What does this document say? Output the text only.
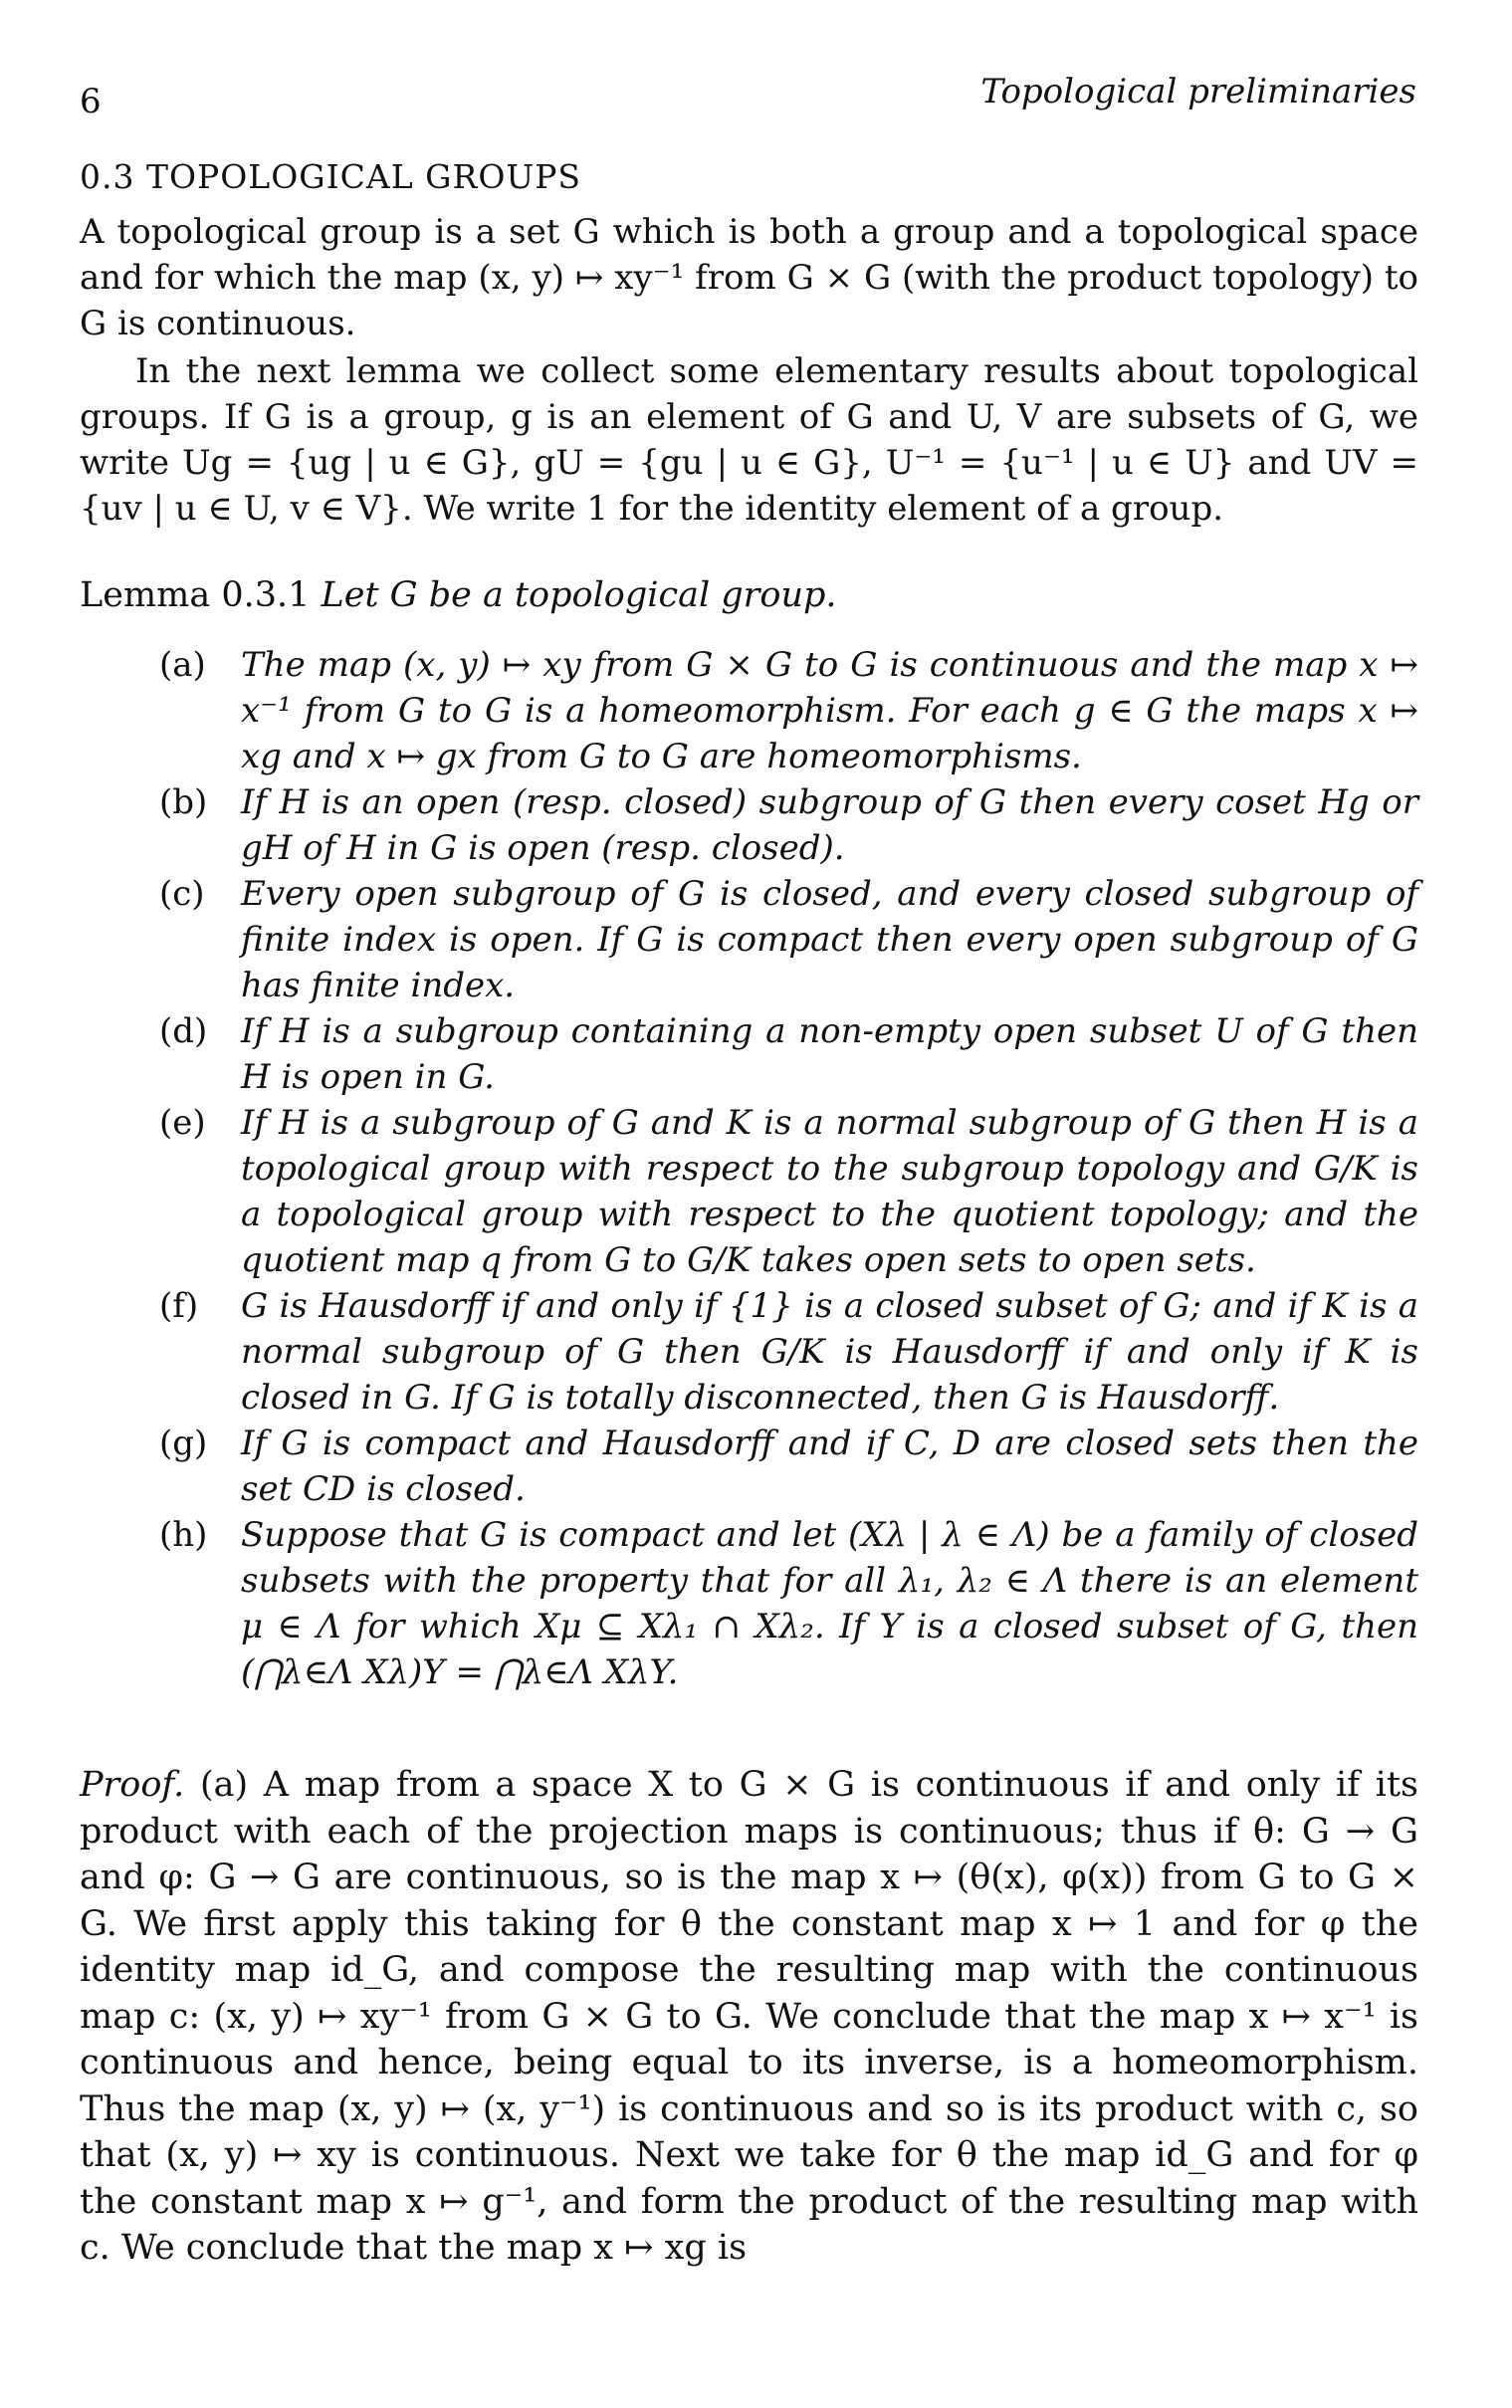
6	Topological preliminaries
0.3 TOPOLOGICAL GROUPS
A topological group is a set G which is both a group and a topological space and for which the map (x, y) ↦ xy⁻¹ from G × G (with the product topology) to G is continuous.
In the next lemma we collect some elementary results about topological groups. If G is a group, g is an element of G and U, V are subsets of G, we write Ug = {ug | u ∈ G}, gU = {gu | u ∈ G}, U⁻¹ = {u⁻¹ | u ∈ U} and UV = {uv | u ∈ U, v ∈ V}. We write 1 for the identity element of a group.
Lemma 0.3.1 Let G be a topological group.
(a) The map (x, y) ↦ xy from G × G to G is continuous and the map x ↦ x⁻¹ from G to G is a homeomorphism. For each g ∈ G the maps x ↦ xg and x ↦ gx from G to G are homeomorphisms.
(b) If H is an open (resp. closed) subgroup of G then every coset Hg or gH of H in G is open (resp. closed).
(c) Every open subgroup of G is closed, and every closed subgroup of finite index is open. If G is compact then every open subgroup of G has finite index.
(d) If H is a subgroup containing a non-empty open subset U of G then H is open in G.
(e) If H is a subgroup of G and K is a normal subgroup of G then H is a topological group with respect to the subgroup topology and G/K is a topological group with respect to the quotient topology; and the quotient map q from G to G/K takes open sets to open sets.
(f) G is Hausdorff if and only if {1} is a closed subset of G; and if K is a normal subgroup of G then G/K is Hausdorff if and only if K is closed in G. If G is totally disconnected, then G is Hausdorff.
(g) If G is compact and Hausdorff and if C, D are closed sets then the set CD is closed.
(h) Suppose that G is compact and let (Xλ | λ ∈ Λ) be a family of closed subsets with the property that for all λ₁, λ₂ ∈ Λ there is an element μ ∈ Λ for which Xμ ⊆ Xλ₁ ∩ Xλ₂. If Y is a closed subset of G, then (⋂λ∈Λ Xλ)Y = ⋂λ∈Λ XλY.
Proof. (a) A map from a space X to G × G is continuous if and only if its product with each of the projection maps is continuous; thus if θ: G → G and φ: G → G are continuous, so is the map x ↦ (θ(x), φ(x)) from G to G × G. We first apply this taking for θ the constant map x ↦ 1 and for φ the identity map id_G, and compose the resulting map with the continuous map c: (x, y) ↦ xy⁻¹ from G × G to G. We conclude that the map x ↦ x⁻¹ is continuous and hence, being equal to its inverse, is a homeomorphism. Thus the map (x, y) ↦ (x, y⁻¹) is continuous and so is its product with c, so that (x, y) ↦ xy is continuous. Next we take for θ the map id_G and for φ the constant map x ↦ g⁻¹, and form the product of the resulting map with c. We conclude that the map x ↦ xg is
